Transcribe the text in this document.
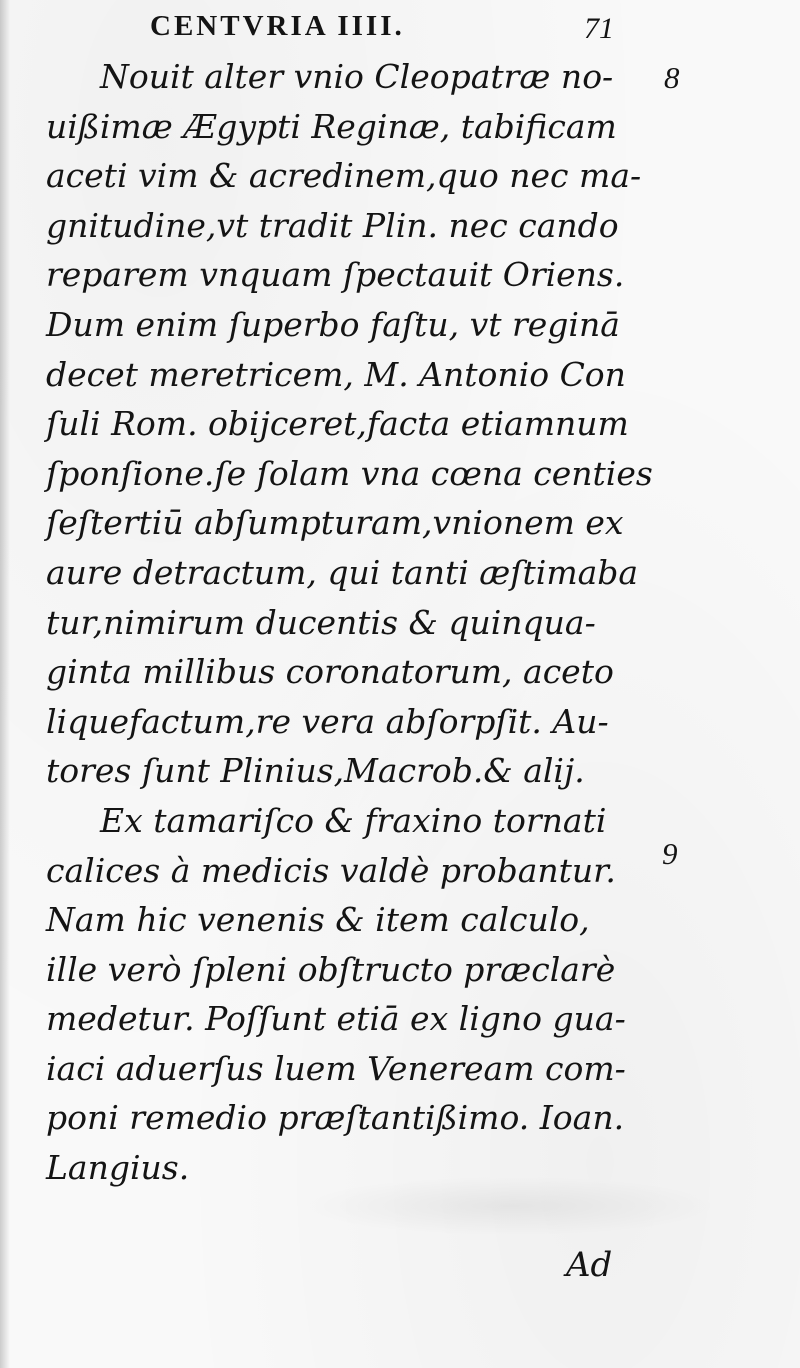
CENTVRIA IIII.	71
8
9
Nouit alter vnio Cleopatræ no-
uißimæ Ægypti Reginæ, tabificam
aceti vim & acredinem,quo nec ma-
gnitudine,vt tradit Plin. nec cando
reparem vnquam ſpectauit Oriens.
Dum enim ſuperbo faſtu, vt reginā
decet meretricem, M. Antonio Con
ſuli Rom. obijceret,facta etiamnum
ſponſione.ſe ſolam vna cœna centies
ſeſtertiū abſumpturam,vnionem ex
aure detractum, qui tanti æſtimaba
tur,nimirum ducentis & quinqua-
ginta millibus coronatorum, aceto
liquefactum,re vera abſorpſit. Au-
tores ſunt Plinius,Macrob.& alij.
Ex tamariſco & fraxino tornati
calices à medicis valdè probantur.
Nam hic venenis & item calculo,
ille verò ſpleni obſtructo præclarè
medetur. Poſſunt etiā ex ligno gua-
iaci aduerſus luem Veneream com-
poni remedio præſtantißimo. Ioan.
Langius.
Ad
